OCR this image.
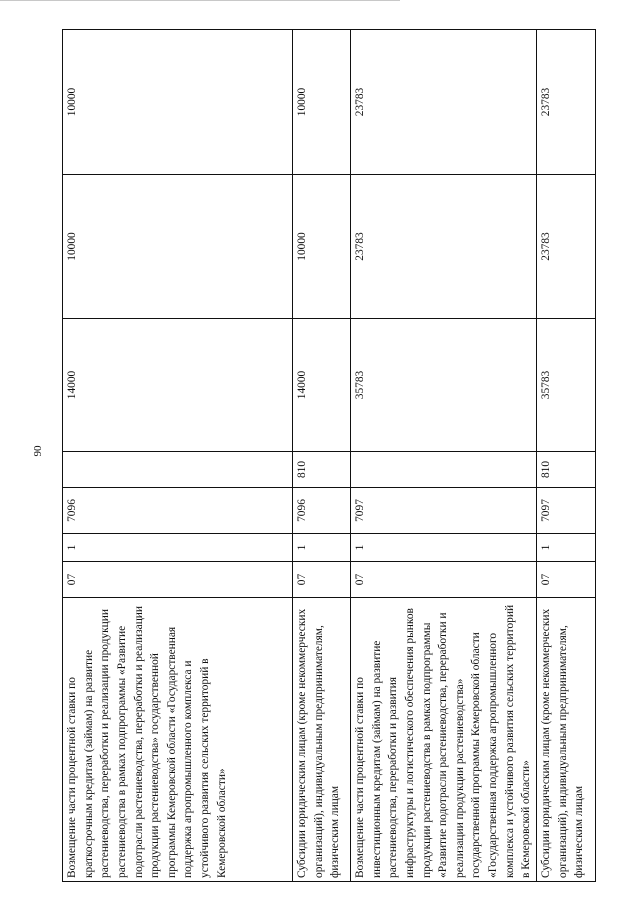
90
Возмещение части процентной ставки по краткосрочным кредитам (займам) на развитие растениеводства, переработки и реализации продукции растениеводства в рамках подпрограммы «Развитие подотрасли растениеводства, переработки и реализации продукции растениеводства» государственной программы Кемеровской области «Государственная поддержка агропромышленного комплекса и устойчивого развития сельских территорий в Кемеровской области»	07	1	7096		14000	10000	10000
Субсидии юридическим лицам (кроме некоммерческих организаций), индивидуальным предпринимателям, физическим лицам	07	1	7096	810	14000	10000	10000
Возмещение части процентной ставки по инвестиционным кредитам (займам) на развитие растениеводства, переработки и развития инфраструктуры и логистического обеспечения рынков продукции растениеводства в рамках подпрограммы «Развитие подотрасли растениеводства, переработки и реализации продукции растениеводства» государственной программы Кемеровской области «Государственная поддержка агропромышленного комплекса и устойчивого развития сельских территорий в Кемеровской области»	07	1	7097		35783	23783	23783
Субсидии юридическим лицам (кроме некоммерческих организаций), индивидуальным предпринимателям, физическим лицам	07	1	7097	810	35783	23783	23783
